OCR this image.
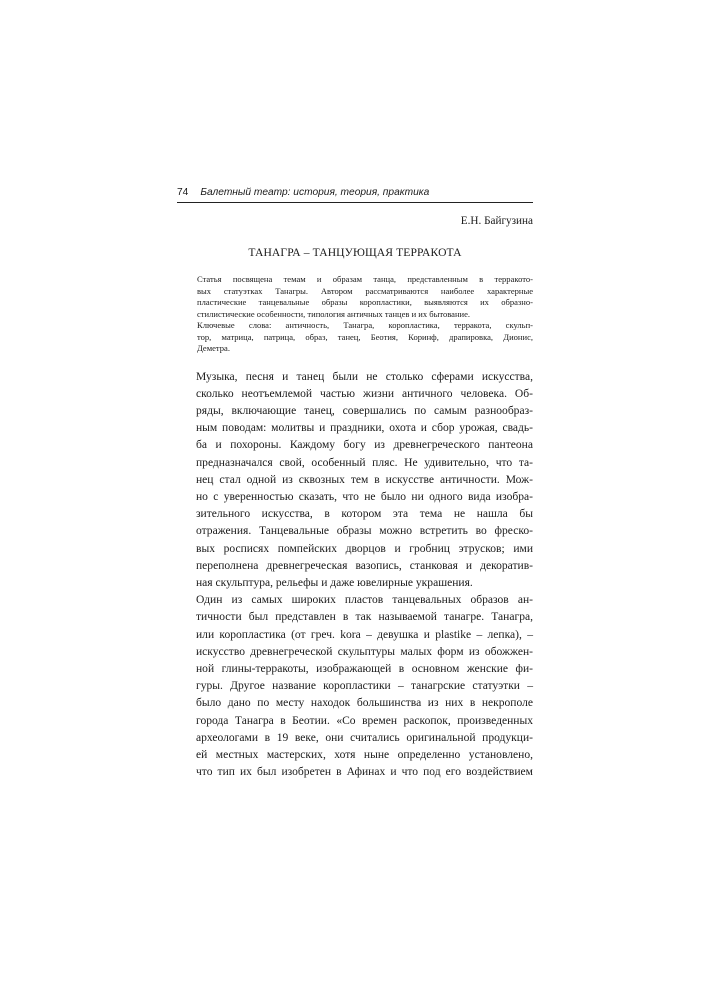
74 Балетный театр: история, теория, практика
Е.Н. Байгузина
ТАНАГРА – ТАНЦУЮЩАЯ ТЕРРАКОТА

Статья посвящена темам и образам танца, представленным в терракото-
вых статуэтках Танагры. Автором рассматриваются наиболее характерные
пластические танцевальные образы коропластики, выявляются их образно-
стилистические особенности, типология античных танцев и их бытование.

Ключевые слова: античность, Танагра, коропластика, терракота, скульп-
тор, матрица, патрица, образ, танец, Беотия, Коринф, драпировка, Дионис,
Деметра.

Музыка, песня и танец были не столько сферами искусства,
сколько неотъемлемой частью жизни античного человека. Об-
ряды, включающие танец, совершались по самым разнообраз-
ным поводам: молитвы и праздники, охота и сбор урожая, свадь-
ба и похороны. Каждому богу из древнегреческого пантеона
предназначался свой, особенный пляс. Не удивительно, что та-
нец стал одной из сквозных тем в искусстве античности. Мож-
но с уверенностью сказать, что не было ни одного вида изобра-
зительного искусства, в котором эта тема не нашла бы
отражения. Танцевальные образы можно встретить во фреско-
вых росписях помпейских дворцов и гробниц этрусков; ими
переполнена древнегреческая вазопись, станковая и декоратив-
ная скульптура, рельефы и даже ювелирные украшения.

Один из самых широких пластов танцевальных образов ан-
тичности был представлен в так называемой танагре. Танагра,
или коропластика (от греч. kora – девушка и plastike – лепка), –
искусство древнегреческой скульптуры малых форм из обожжен-
ной глины-терракоты, изображающей в основном женские фи-
гуры. Другое название коропластики – танагрские статуэтки –
было дано по месту находок большинства из них в некрополе
города Танагра в Беотии. «Со времен раскопок, произведенных
археологами в 19 веке, они считались оригинальной продукци-
ей местных мастерских, хотя ныне определенно установлено,
что тип их был изобретен в Афинах и что под его воздействием
